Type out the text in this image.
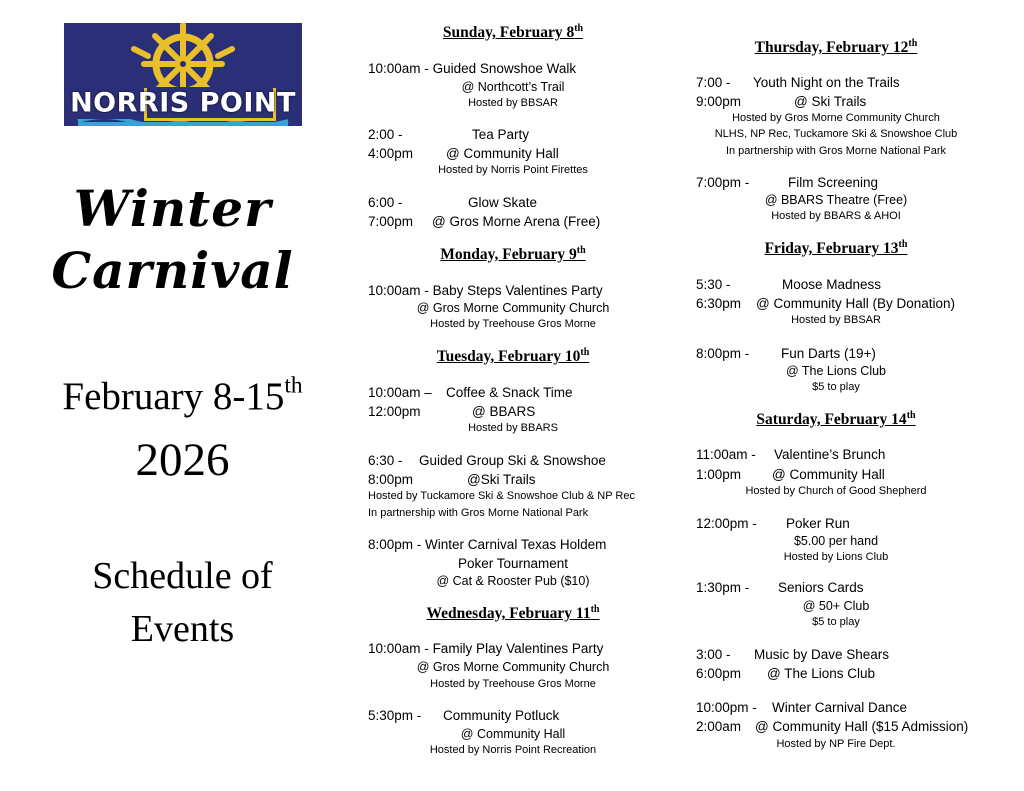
NORRIS POINT
Winter
Carnival
February 8-15th
2026
Schedule of
Events
Sunday, February 8th
10:00am - Guided Snowshoe Walk
@ Northcott’s Trail
Hosted by BBSAR
2:00 -	Tea Party
4:00pm @ Community Hall
Hosted by Norris Point Firettes
6:00 -	Glow Skate
7:00pm @ Gros Morne Arena (Free)
Monday, February 9th
10:00am - Baby Steps Valentines Party
@ Gros Morne Community Church
Hosted by Treehouse Gros Morne
Tuesday, February 10th
10:00am – Coffee & Snack Time
12:00pm	@ BBARS
Hosted by BBARS
6:30 - Guided Group Ski & Snowshoe
8:00pm	@Ski Trails
Hosted by Tuckamore Ski & Snowshoe Club & NP Rec
In partnership with Gros Morne National Park
8:00pm - Winter Carnival Texas Holdem
Poker Tournament
@ Cat & Rooster Pub ($10)
Wednesday, February 11th
10:00am - Family Play Valentines Party
@ Gros Morne Community Church
Hosted by Treehouse Gros Morne
5:30pm - Community Potluck
@ Community Hall
Hosted by Norris Point Recreation
Thursday, February 12th
7:00 - Youth Night on the Trails
9:00pm	@ Ski Trails
Hosted by Gros Morne Community Church
NLHS, NP Rec, Tuckamore Ski & Snowshoe Club
In partnership with Gros Morne National Park
7:00pm -	Film Screening
@ BBARS Theatre (Free)
Hosted by BBARS & AHOI
Friday, February 13th
5:30 -	Moose Madness
6:30pm @ Community Hall (By Donation)
Hosted by BBSAR
8:00pm - Fun Darts (19+)
@ The Lions Club
$5 to play
Saturday, February 14th
11:00am - Valentine’s Brunch
1:00pm @ Community Hall
Hosted by Church of Good Shepherd
12:00pm - Poker Run
$5.00 per hand
Hosted by Lions Club
1:30pm - Seniors Cards
@ 50+ Club
$5 to play
3:00 - Music by Dave Shears
6:00pm @ The Lions Club
10:00pm - Winter Carnival Dance
2:00am @ Community Hall ($15 Admission)
Hosted by NP Fire Dept.
